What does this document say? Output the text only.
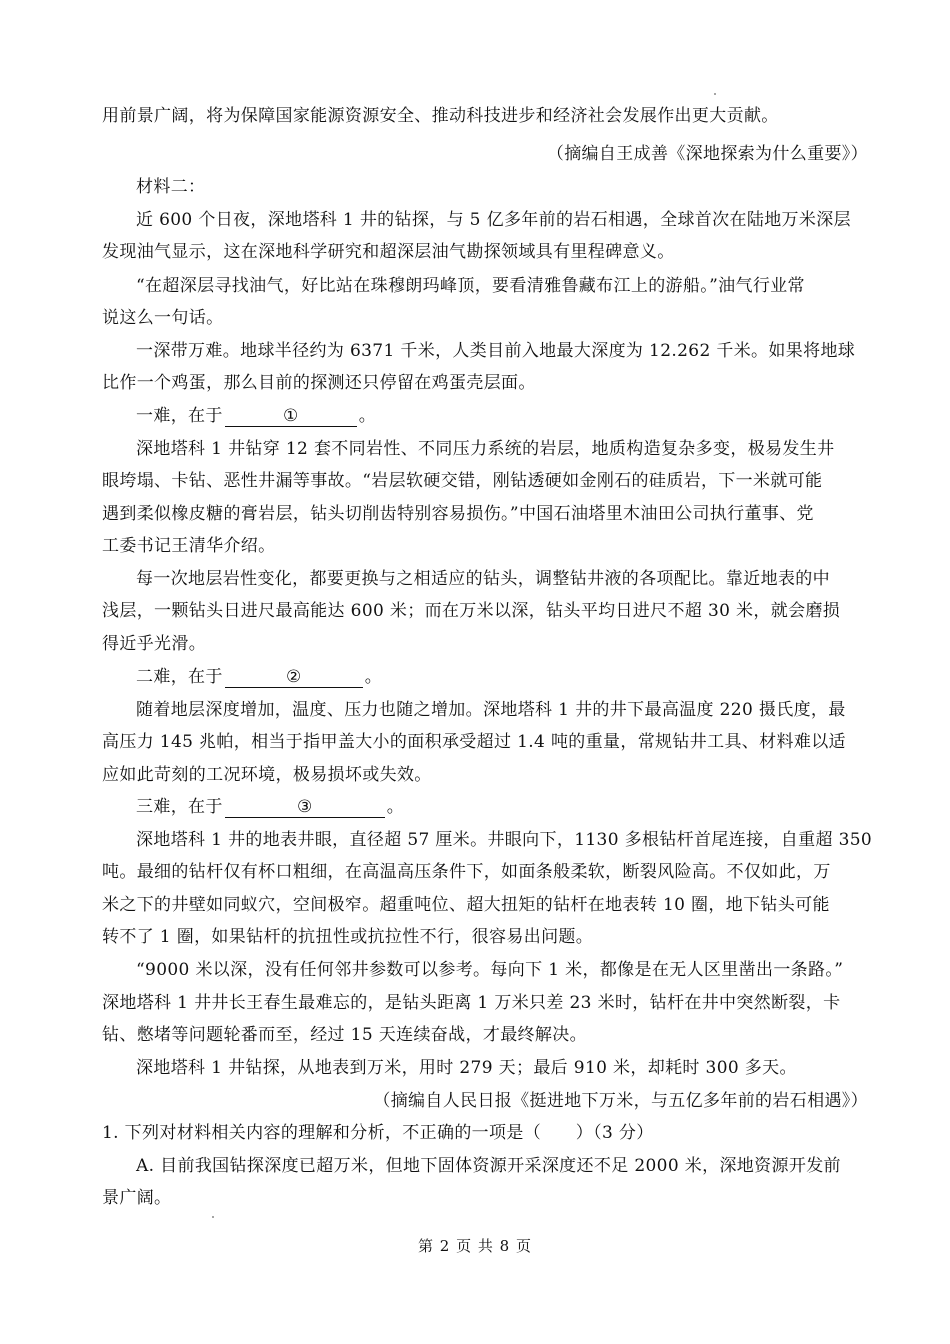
用前景广阔，将为保障国家能源资源安全、推动科技进步和经济社会发展作出更大贡献。
（摘编自王成善《深地探索为什么重要》）
材料二：
近 600 个日夜，深地塔科 1 井的钻探，与 5 亿多年前的岩石相遇，全球首次在陆地万米深层
发现油气显示，这在深地科学研究和超深层油气勘探领域具有里程碑意义。
“在超深层寻找油气，好比站在珠穆朗玛峰顶，要看清雅鲁藏布江上的游船。”油气行业常
说这么一句话。
一深带万难。地球半径约为 6371 千米，人类目前入地最大深度为 12.262 千米。如果将地球
比作一个鸡蛋，那么目前的探测还只停留在鸡蛋壳层面。
一难，在于	①	。
深地塔科 1 井钻穿 12 套不同岩性、不同压力系统的岩层，地质构造复杂多变，极易发生井
眼垮塌、卡钻、恶性井漏等事故。“岩层软硬交错，刚钻透硬如金刚石的硅质岩，下一米就可能
遇到柔似橡皮糖的膏岩层，钻头切削齿特别容易损伤。”中国石油塔里木油田公司执行董事、党
工委书记王清华介绍。
每一次地层岩性变化，都要更换与之相适应的钻头，调整钻井液的各项配比。靠近地表的中
浅层，一颗钻头日进尺最高能达 600 米；而在万米以深，钻头平均日进尺不超 30 米，就会磨损
得近乎光滑。
二难，在于	②	。
随着地层深度增加，温度、压力也随之增加。深地塔科 1 井的井下最高温度 220 摄氏度，最
高压力 145 兆帕，相当于指甲盖大小的面积承受超过 1.4 吨的重量，常规钻井工具、材料难以适
应如此苛刻的工况环境，极易损坏或失效。
三难，在于	③	。
深地塔科 1 井的地表井眼，直径超 57 厘米。井眼向下，1130 多根钻杆首尾连接，自重超 350
吨。最细的钻杆仅有杯口粗细，在高温高压条件下，如面条般柔软，断裂风险高。不仅如此，万
米之下的井壁如同蚁穴，空间极窄。超重吨位、超大扭矩的钻杆在地表转 10 圈，地下钻头可能
转不了 1 圈，如果钻杆的抗扭性或抗拉性不行，很容易出问题。
“9000 米以深，没有任何邻井参数可以参考。每向下 1 米，都像是在无人区里凿出一条路。”
深地塔科 1 井井长王春生最难忘的，是钻头距离 1 万米只差 23 米时，钻杆在井中突然断裂，卡
钻、憋堵等问题轮番而至，经过 15 天连续奋战，才最终解决。
深地塔科 1 井钻探，从地表到万米，用时 279 天；最后 910 米，却耗时 300 多天。
（摘编自人民日报《挺进地下万米，与五亿多年前的岩石相遇》）
1. 下列对材料相关内容的理解和分析，不正确的一项是（　　）（3 分）
A. 目前我国钻探深度已超万米，但地下固体资源开采深度还不足 2000 米，深地资源开发前
景广阔。
第 2 页 共 8 页
